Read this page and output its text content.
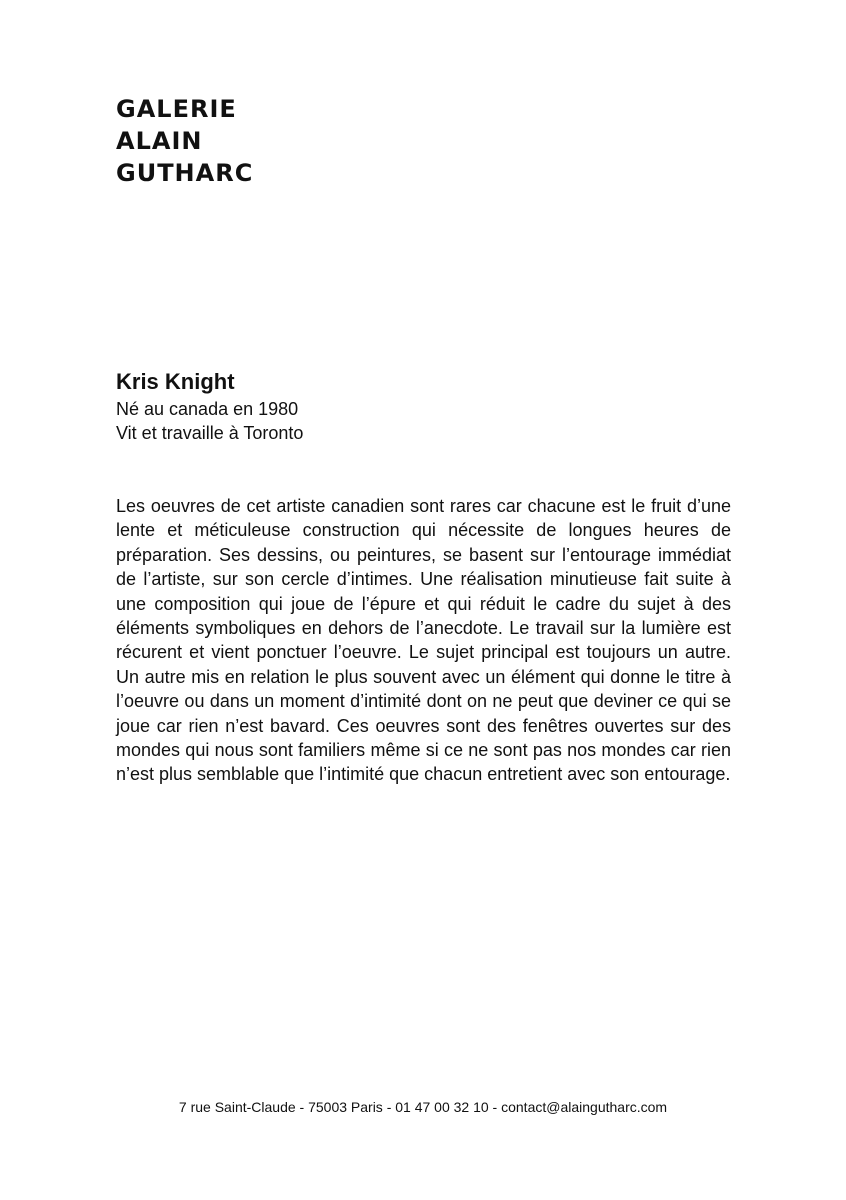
GALERIE
ALAIN
GUTHARC
Kris Knight
Né au canada en 1980
Vit et travaille à Toronto

Les oeuvres de cet artiste canadien sont rares car chacune est le fruit d’une lente et méticuleuse construction qui nécessite de longues heures de préparation. Ses dessins, ou peintures, se basent sur l’entourage immédiat de l’artiste, sur son cercle d’intimes. Une réalisation minutieuse fait suite à une composition qui joue de l’épure et qui réduit le cadre du sujet à des éléments symboliques en dehors de l’anecdote. Le travail sur la lumière est récurent et vient ponctuer l’oeuvre. Le sujet principal est toujours un autre. Un autre mis en relation le plus souvent avec un élément qui donne le titre à l’oeuvre ou dans un moment d’intimité dont on ne peut que deviner ce qui se joue car rien n’est bavard. Ces oeuvres sont des fenêtres ouvertes sur des mondes qui nous sont familiers même si ce ne sont pas nos mondes car rien n’est plus semblable que l’intimité que chacun entretient avec son entourage.

7 rue Saint-Claude - 75003 Paris - 01 47 00 32 10 - contact@alaingutharc.com
